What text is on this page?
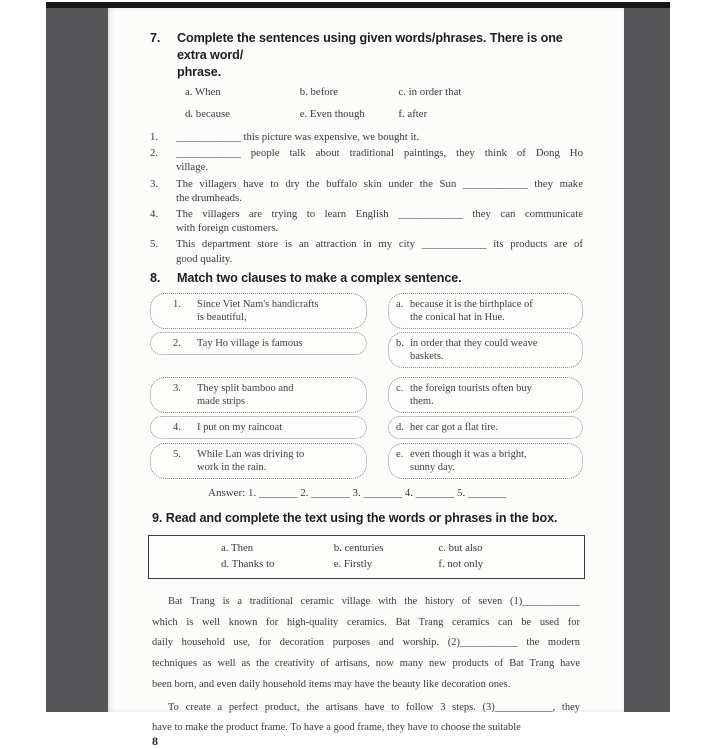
7.	Complete the sentences using given words/phrases. There is one extra word/
phrase.
a. When	b. before	c. in order that
d. because	e. Even though	f. after
1.	____________ this picture was expensive, we bought it.
2.	____________ people talk about traditional paintings, they think of Dong Ho
village.
3.	The villagers have to dry the buffalo skin under the Sun ____________ they make
the drumheads.
4.	The villagers are trying to learn English ____________ they can communicate
with foreign customers.
5.	This department store is an attraction in my city ____________ its products are of
good quality.
8.	Match two clauses to make a complex sentence.
1.	Since Viet Nam's handicrafts
is beautiful,
a. because it is the birthplace of
the conical hat in Hue.
2.	Tay Ho village is famous	b. in order that they could weave
baskets.
3.	They split bamboo and
made strips
c. the foreign tourists often buy
them.
4.	I put on my raincoat	d. her car got a flat tire.
5.	While Lan was driving to
work in the rain.
e. even though it was a bright,
sunny day.
Answer: 1. _______ 2. _______ 3. _______ 4. _______ 5. _______
9. Read and complete the text using the words or phrases in the box.
a. Then	b. centuries	c. but also
d. Thanks to	e. Firstly	f. not only
Bat Trang is a traditional ceramic village with the history of seven (1)___________
which is well known for high-quality ceramics. Bat Trang ceramics can be used for
daily household use, for decoration purposes and worship. (2)___________ the modern
techniques as well as the creativity of artisans, now many new products of Bat Trang have
been born, and even daily household items may have the beauty like decoration ones.
To create a perfect product, the artisans have to follow 3 steps. (3)___________, they
have to make the product frame. To have a good frame, they have to choose the suitable
8
